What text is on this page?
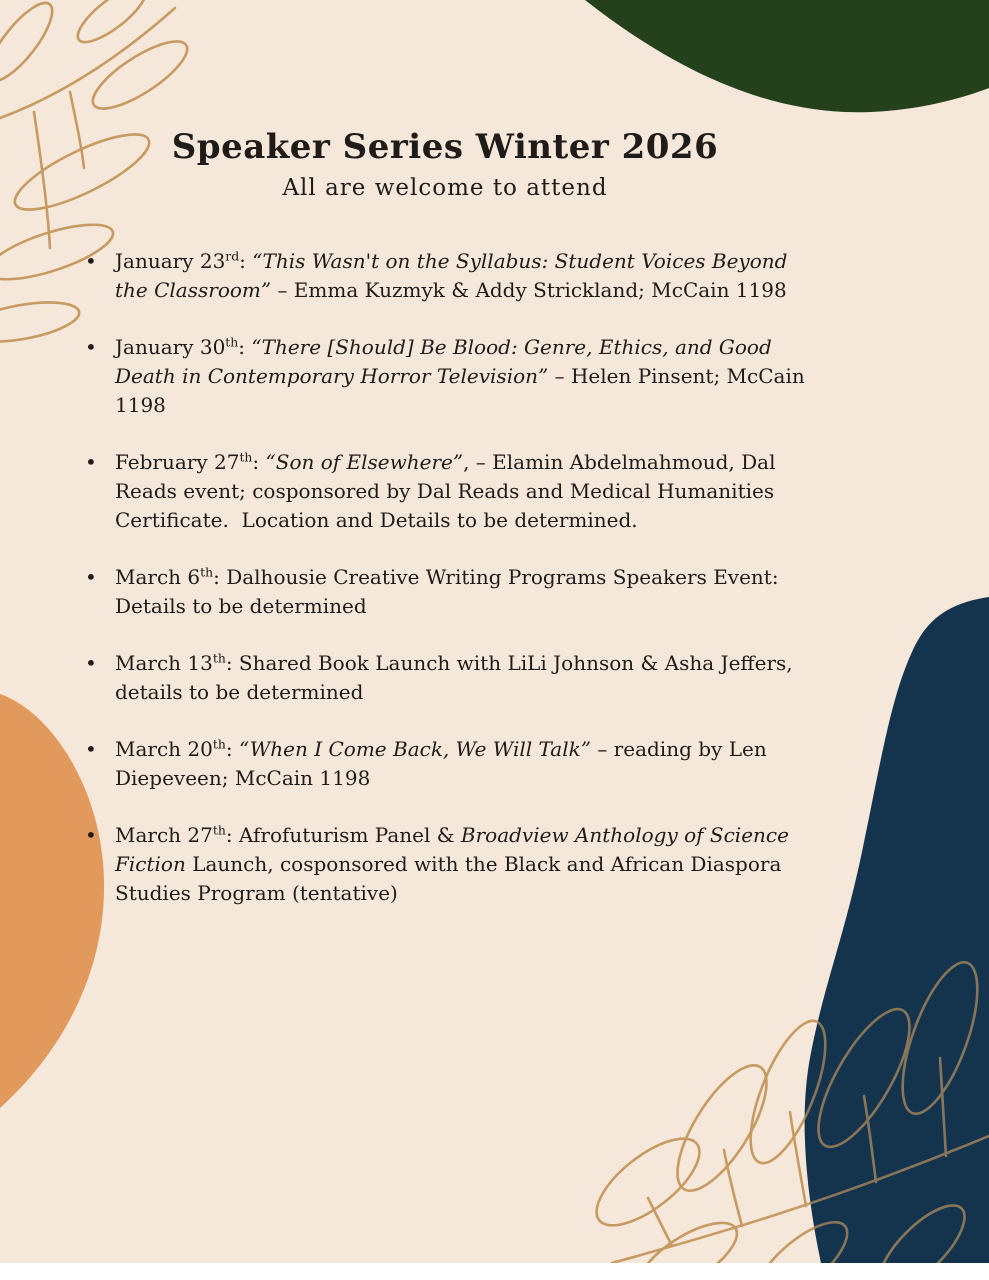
Speaker Series Winter 2026

All are welcome to attend

• January 23rd: “This Wasn't on the Syllabus: Student Voices Beyond the Classroom” – Emma Kuzmyk & Addy Strickland; McCain 1198
• January 30th: “There [Should] Be Blood: Genre, Ethics, and Good Death in Contemporary Horror Television” – Helen Pinsent; McCain 1198
• February 27th: “Son of Elsewhere”, – Elamin Abdelmahmoud, Dal Reads event; cosponsored by Dal Reads and Medical Humanities Certificate.  Location and Details to be determined.
• March 6th: Dalhousie Creative Writing Programs Speakers Event: Details to be determined
• March 13th: Shared Book Launch with LiLi Johnson & Asha Jeffers, details to be determined
• March 20th: “When I Come Back, We Will Talk” – reading by Len Diepeveen; McCain 1198
• March 27th: Afrofuturism Panel & Broadview Anthology of Science Fiction Launch, cosponsored with the Black and African Diaspora Studies Program (tentative)
